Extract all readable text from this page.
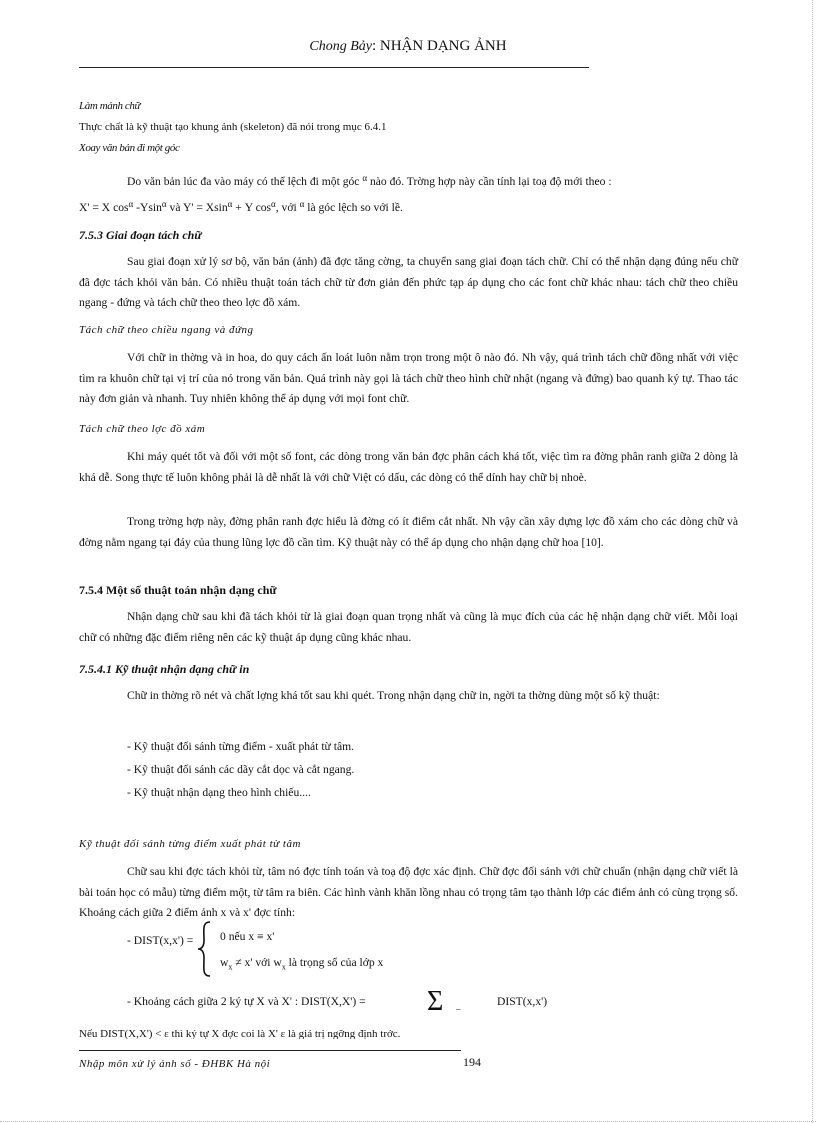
Chong Bảy: NHẬN DẠNG ẢNH
Làm mảnh chữ
Thực chất là kỹ thuật tạo khung ảnh (skeleton) đã nói trong mục 6.4.1
Xoay văn bản đi một góc
Do văn bản lúc đa vào máy có thể lệch đi một góc $^\alpha$ nào đó. Trờng hợp này cần tính lại toạ độ mới theo :
X' = X $\cos^\alpha -Ysin^\alpha$ và Y' = Xsin$^\alpha$ + Y $\cos^\alpha$, với $^\alpha$ là góc lệch so với lề.
7.5.3 Giai đoạn tách chữ
Sau giai đoạn xử lý sơ bộ, văn bản (ảnh) đã đợc tăng cờng, ta chuyển sang giai đoạn tách chữ. Chỉ có thể nhận dạng đúng nếu chữ đã đợc tách khỏi văn bản. Có nhiều thuật toán tách chữ từ đơn giản đến phức tạp áp dụng cho các font chữ khác nhau: tách chữ theo chiều ngang - đứng và tách chữ theo theo lợc đồ xám.
Tách chữ theo chiều ngang và đứng
Với chữ in thờng và in hoa, do quy cách ấn loát luôn nằm trọn trong một ô nào đó. Nh vậy, quá trình tách chữ đồng nhất với việc tìm ra khuôn chữ tại vị trí của nó trong văn bản. Quá trình này gọi là tách chữ theo hình chữ nhật (ngang và đứng) bao quanh ký tự. Thao tác này đơn giản và nhanh. Tuy nhiên không thể áp dụng với mọi font chữ.
Tách chữ theo lợc đồ xám
Khi máy quét tốt và đối với một số font, các dòng trong văn bản đợc phân cách khá tốt, việc tìm ra đờng phân ranh giữa 2 dòng là khá dễ. Song thực tế luôn không phải là dễ nhất là với chữ Việt có dấu, các dòng có thể dính hay chữ bị nhoè.
Trong trờng hợp này, đờng phân ranh đợc hiểu là đờng có ít điểm cắt nhất. Nh vậy cần xây dựng lợc đồ xám cho các dòng chữ và đờng nằm ngang tại đáy của thung lũng lợc đồ cần tìm. Kỹ thuật này có thể áp dụng cho nhận dạng chữ hoa [10].
7.5.4 Một số thuật toán nhận dạng chữ
Nhận dạng chữ sau khi đã tách khỏi từ là giai đoạn quan trọng nhất và cũng là mục đích của các hệ nhận dạng chữ viết. Mỗi loại chữ có những đặc điểm riêng nên các kỹ thuật áp dụng cũng khác nhau.
7.5.4.1 Kỹ thuật nhận dạng chữ in
Chữ in thờng rõ nét và chất lợng khá tốt sau khi quét. Trong nhận dạng chữ in, ngời ta thờng dùng một số kỹ thuật:
- Kỹ thuật đối sánh từng điểm - xuất phát từ tâm.
- Kỹ thuật đối sánh các dãy cắt dọc và cắt ngang.
- Kỹ thuật nhận dạng theo hình chiếu....
Kỹ thuật đối sánh từng điểm xuất phát từ tâm
Chữ sau khi đợc tách khỏi từ, tâm nó đợc tính toán và toạ độ đợc xác định. Chữ đợc đối sánh với chữ chuẩn (nhận dạng chữ viết là bài toán học có mẫu) từng điểm một, từ tâm ra biên. Các hình vành khăn lồng nhau có trọng tâm tạo thành lớp các điểm ảnh có cùng trọng số. Khoảng cách giữa 2 điểm ảnh x và x' đợc tính:
- DIST(x,x') = 0 nếu x ≡ x'
$w_x \ne x'$ với $w_x$ là trọng số của lớp x
- Khoảng cách giữa 2 ký tự X và X' : DIST(X,X') = Σ –
DIST(x,x')
Nếu DIST(X,X') < ε thì ký tự X đợc coi là X' ε là giá trị ngỡng định trớc.
Nhập môn xử lý ảnh số - ĐHBK Hà nội	194
